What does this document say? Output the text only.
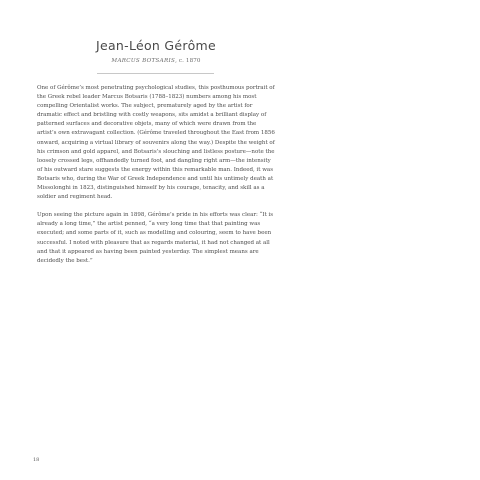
Jean-Léon Gérôme
MARCUS BOTSARIS, c. 1870

One of Gérôme’s most penetrating psychological studies, this posthumous portrait of the Greek rebel leader Marcus Botsaris (1788–1823) numbers among his most compelling Orientalist works. The subject, prematurely aged by the artist for dramatic effect and bristling with costly weapons, sits amidst a brilliant display of patterned surfaces and decorative objets, many of which were drawn from the artist’s own extravagant collection. (Gérôme traveled throughout the East from 1856 onward, acquiring a virtual library of souvenirs along the way.) Despite the weight of his crimson and gold apparel, and Botsaris’s slouching and listless posture—note the loosely crossed legs, offhandedly turned foot, and dangling right arm—the intensity of his outward stare suggests the energy within this remarkable man. Indeed, it was Botsaris who, during the War of Greek Independence and until his untimely death at Missolonghi in 1823, distinguished himself by his courage, tenacity, and skill as a soldier and regiment head.

Upon seeing the picture again in 1898, Gérôme’s pride in his efforts was clear: “It is already a long time,” the artist penned, “a very long time that that painting was executed; and some parts of it, such as modelling and colouring, seem to have been successful. I noted with pleasure that as regards material, it had not changed at all and that it appeared as having been painted yesterday. The simplest means are decidedly the best.”

18
